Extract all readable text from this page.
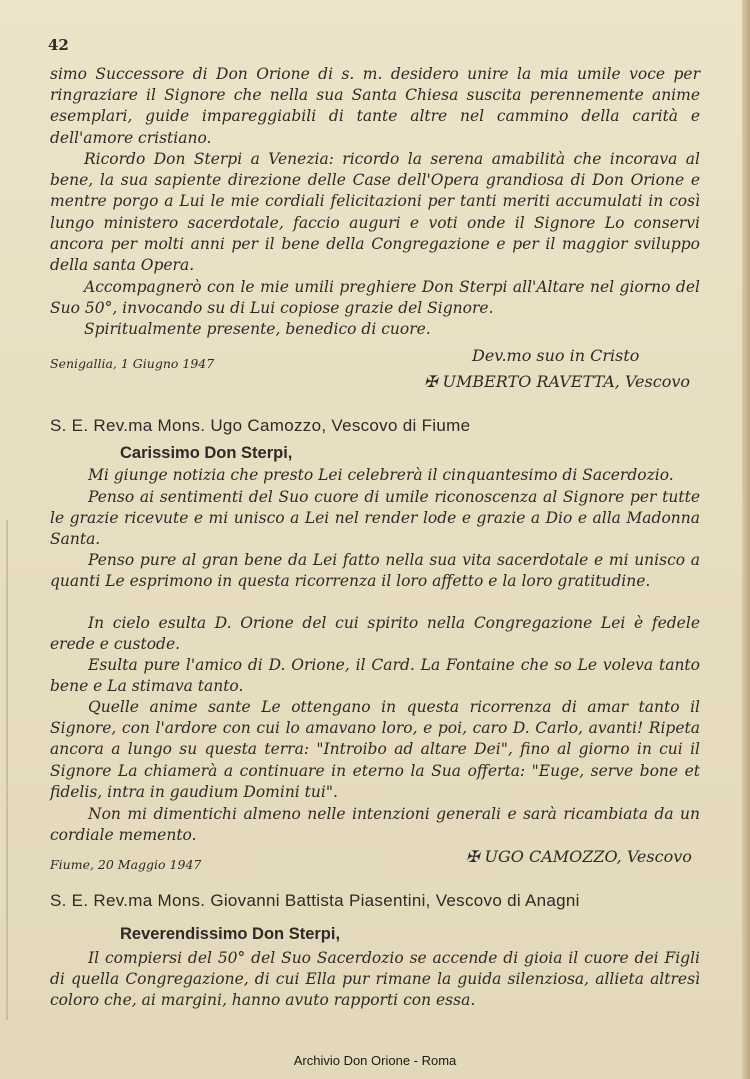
42

simo Successore di Don Orione di s. m. desidero unire la mia umile voce per ringraziare il Signore che nella sua Santa Chiesa suscita perennemente anime esemplari, guide impareggiabili di tante altre nel cammino della carità e dell'amore cristiano.

Ricordo Don Sterpi a Venezia: ricordo la serena amabilità che incorava al bene, la sua sapiente direzione delle Case dell'Opera grandiosa di Don Orione e mentre porgo a Lui le mie cordiali felicitazioni per tanti meriti accumulati in così lungo ministero sacerdotale, faccio auguri e voti onde il Signore Lo conservi ancora per molti anni per il bene della Congregazione e per il maggior sviluppo della santa Opera.

Accompagnerò con le mie umili preghiere Don Sterpi all'Altare nel giorno del Suo 50°, invocando su di Lui copiose grazie del Signore.

Spiritualmente presente, benedico di cuore.

Senigallia, 1 Giugno 1947	Dev.mo suo in Cristo
✠ UMBERTO RAVETTA, Vescovo
S. E. Rev.ma Mons. Ugo Camozzo, Vescovo di Fiume
Carissimo Don Sterpi,

Mi giunge notizia che presto Lei celebrerà il cinquantesimo di Sacerdozio.

Penso ai sentimenti del Suo cuore di umile riconoscenza al Signore per tutte le grazie ricevute e mi unisco a Lei nel render lode e grazie a Dio e alla Madonna Santa.

Penso pure al gran bene da Lei fatto nella sua vita sacerdotale e mi unisco a quanti Le esprimono in questa ricorrenza il loro affetto e la loro gratitudine.

In cielo esulta D. Orione del cui spirito nella Congregazione Lei è fedele erede e custode.

Esulta pure l'amico di D. Orione, il Card. La Fontaine che so Le voleva tanto bene e La stimava tanto.

Quelle anime sante Le ottengano in questa ricorrenza di amar tanto il Signore, con l'ardore con cui lo amavano loro, e poi, caro D. Carlo, avanti! Ripeta ancora a lungo su questa terra: "Introibo ad altare Dei", fino al giorno in cui il Signore La chiamerà a continuare in eterno la Sua offerta: "Euge, serve bone et fidelis, intra in gaudium Domini tui".

Non mi dimentichi almeno nelle intenzioni generali e sarà ricambiata da un cordiale memento.

Fiume, 20 Maggio 1947	✠ UGO CAMOZZO, Vescovo
S. E. Rev.ma Mons. Giovanni Battista Piasentini, Vescovo di Anagni
Reverendissimo Don Sterpi,

Il compiersi del 50° del Suo Sacerdozio se accende di gioia il cuore dei Figli di quella Congregazione, di cui Ella pur rimane la guida silenziosa, allieta altresì coloro che, ai margini, hanno avuto rapporti con essa.

Archivio Don Orione - Roma
